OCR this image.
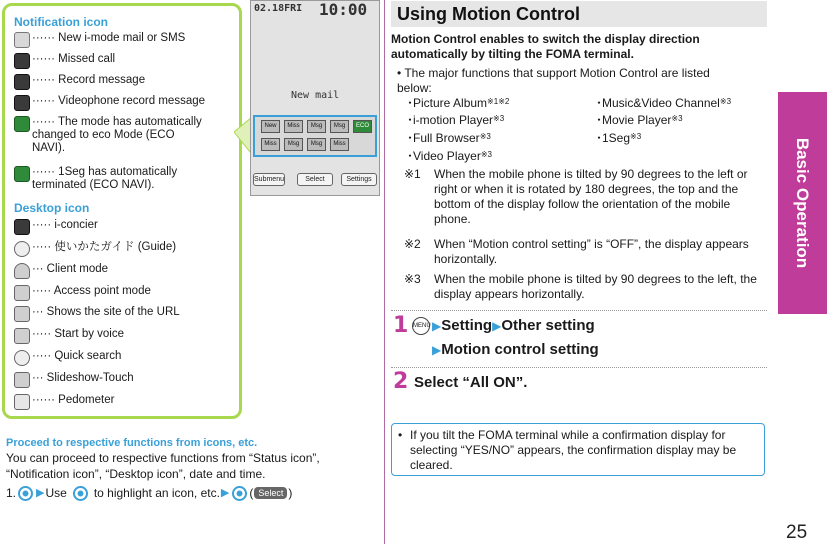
Notification icon
······ New i-mode mail or SMS
······ Missed call
······ Record message
······ Videophone record message
······ The mode has automatically
changed to eco Mode (ECO
NAVI).
······ 1Seg has automatically
terminated (ECO NAVI).
Desktop icon
····· i-concier
····· 使いかたガイド (Guide)
··· Client mode
····· Access point mode
··· Shows the site of the URL
····· Start by voice
····· Quick search
··· Slideshow-Touch
······ Pedometer
02.18FRI 10:00
New mail
New	Miss	Msg	Msg	ECO
Miss	Msg	Msg	Miss
Submenu	Select	Settings
Proceed to respective functions from icons, etc.
You can proceed to respective functions from “Status icon”, “Notification icon”, “Desktop icon”, date and time.
1. ▶ Use to highlight an icon, etc. ▶ ( Select )
Using Motion Control
Motion Control enables to switch the display direction automatically by tilting the FOMA terminal.
• The major functions that support Motion Control are listed
below:
･Picture Album$^{※1※2}$	･Music&Video Channel$^{※3}$
･i-motion Player$^{※3}$	･Movie Player$^{※3}$
･Full Browser$^{※3}$	･1Seg$^{※3}$
･Video Player$^{※3}$
※1	When the mobile phone is tilted by 90 degrees to the left or right or when it is rotated by 180 degrees, the top and the bottom of the display follow the orientation of the mobile phone.
※2	When “Motion control setting” is “OFF”, the display appears horizontally.
※3	When the mobile phone is tilted by 90 degrees to the left, the display appears horizontally.
1 MENU▶Setting▶Other setting
▶Motion control setting
2 Select “All ON”.
• If you tilt the FOMA terminal while a confirmation display for selecting “YES/NO” appears, the confirmation display may be cleared.
Basic Operation
25
